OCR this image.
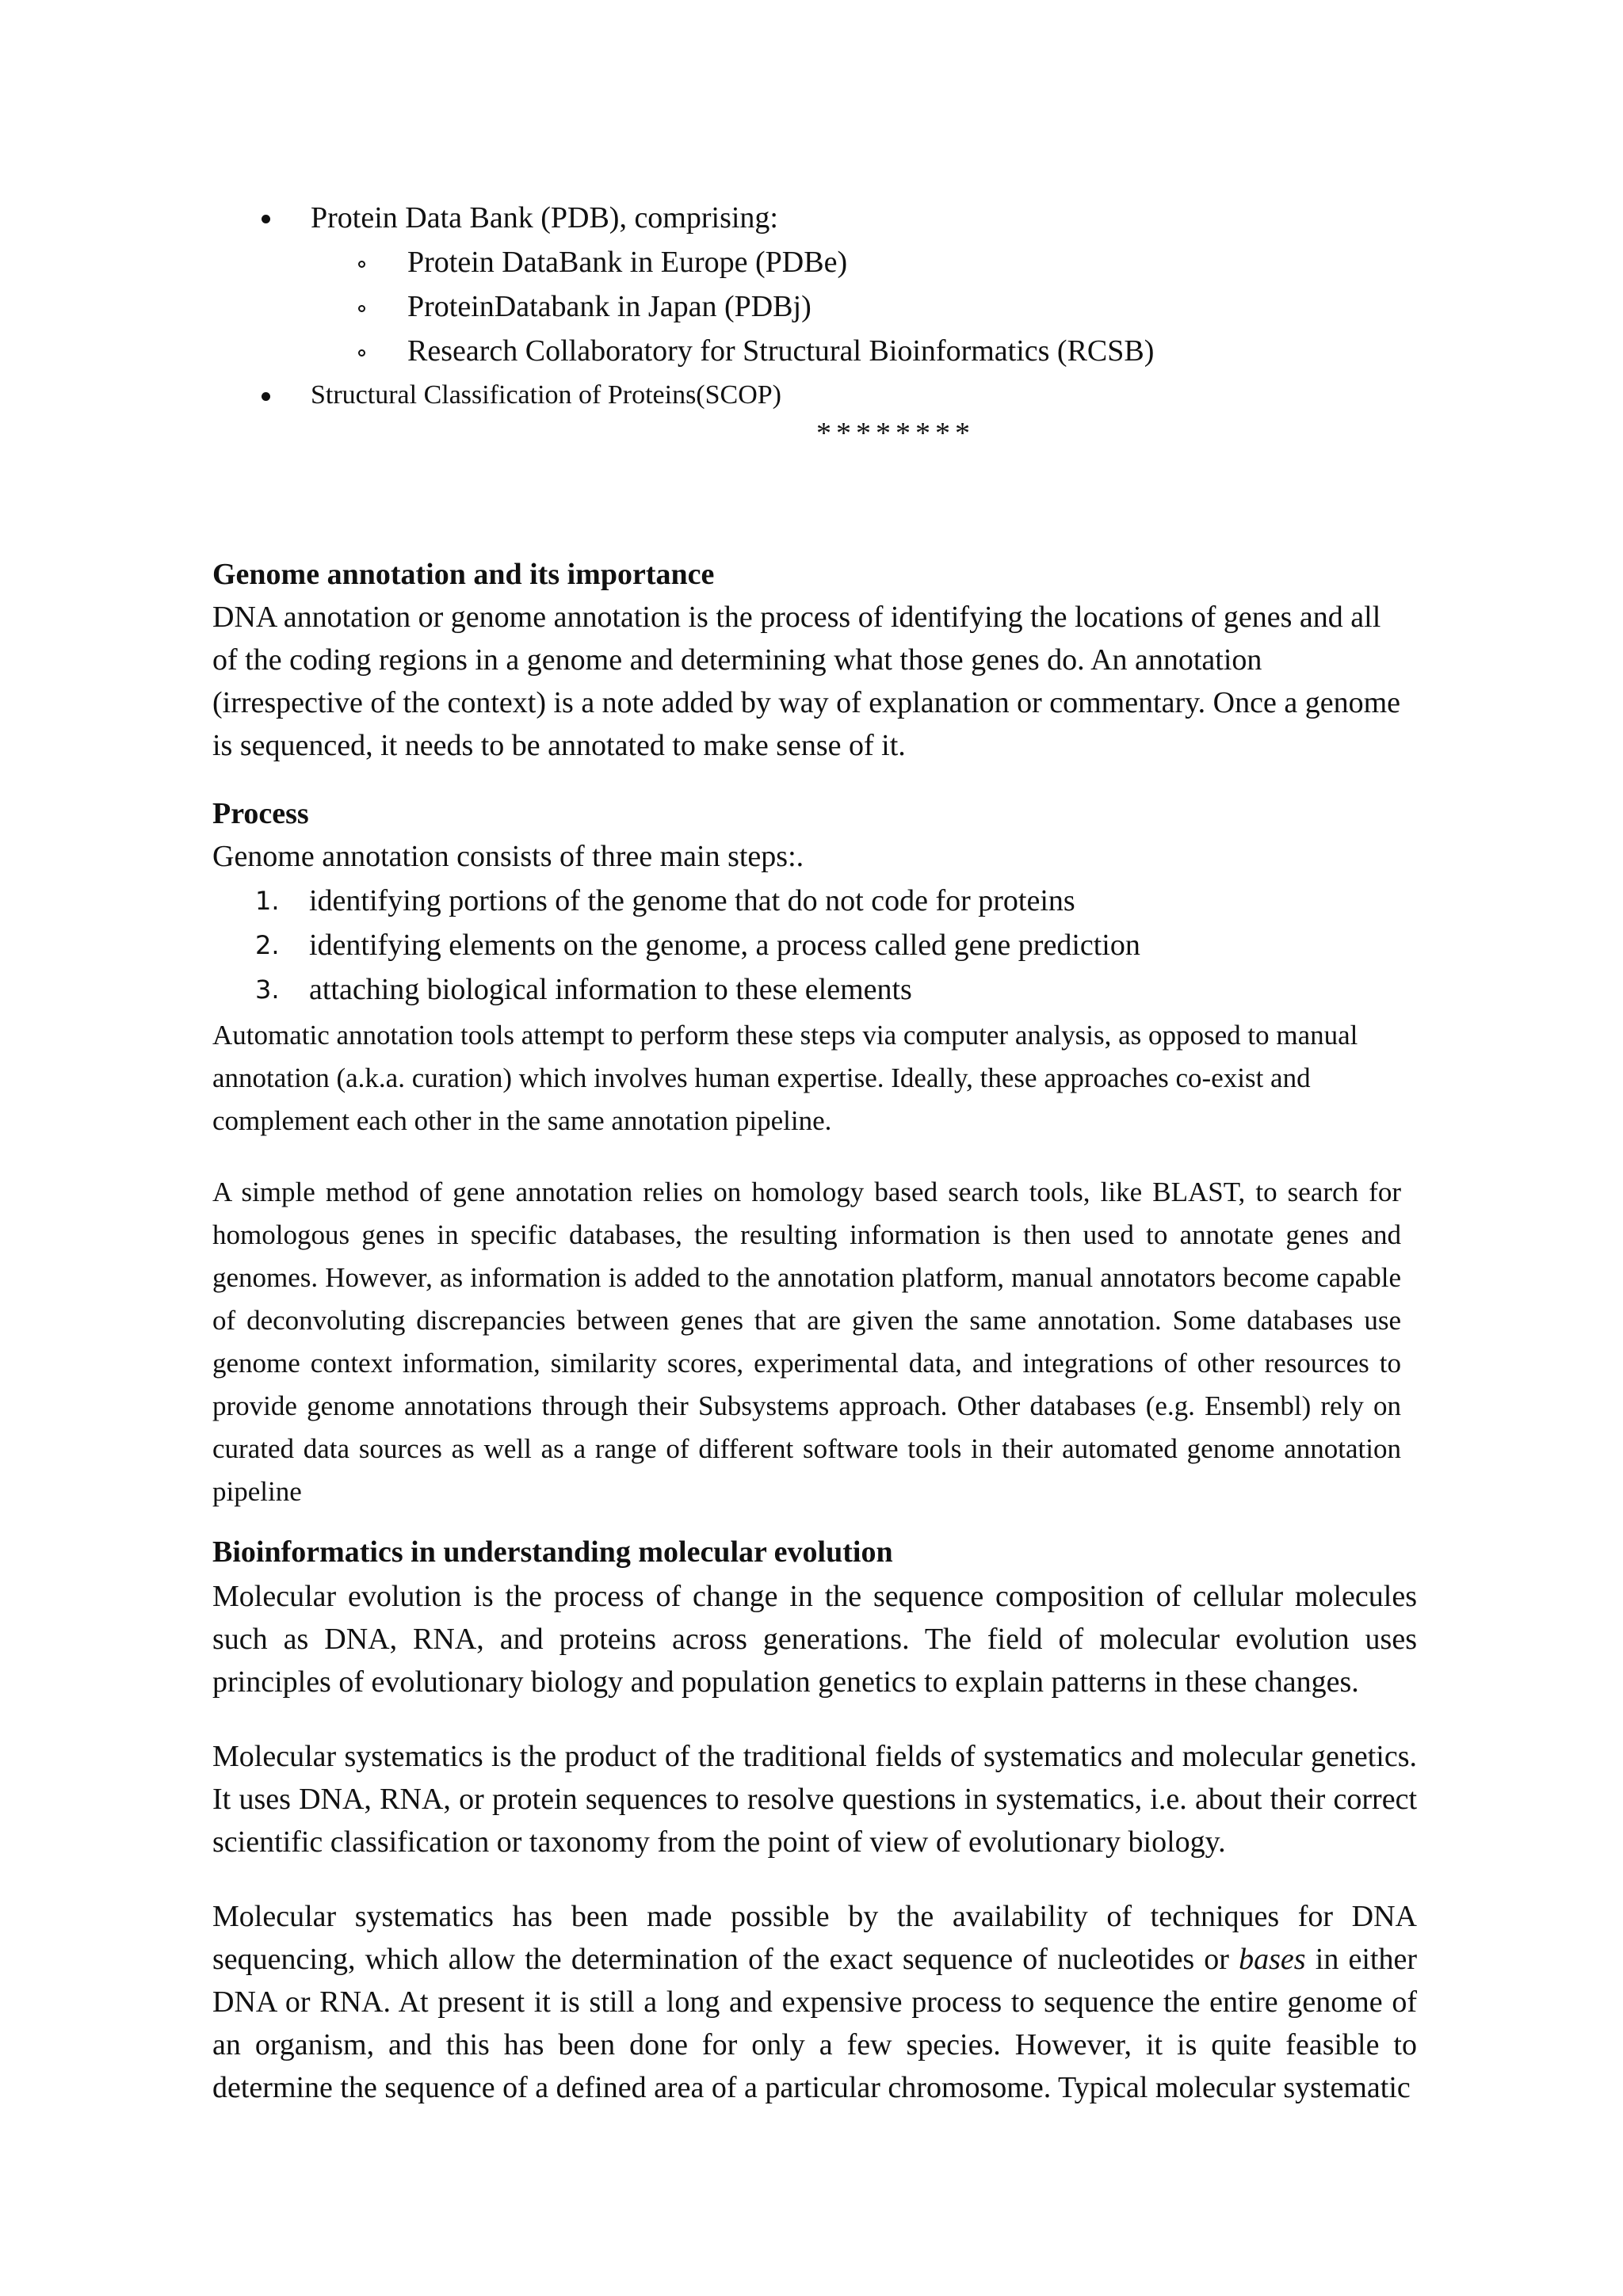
Protein Data Bank (PDB), comprising:
Protein DataBank in Europe (PDBe)
ProteinDatabank in Japan (PDBj)
Research Collaboratory for Structural Bioinformatics (RCSB)
Structural Classification of Proteins(SCOP)
********
Genome annotation and its importance

DNA annotation or genome annotation is the process of identifying the locations of genes and all of the coding regions in a genome and determining what those genes do. An annotation (irrespective of the context) is a note added by way of explanation or commentary. Once a genome is sequenced, it needs to be annotated to make sense of it.

Process

Genome annotation consists of three main steps:.

1. identifying portions of the genome that do not code for proteins
2. identifying elements on the genome, a process called gene prediction
3. attaching biological information to these elements

Automatic annotation tools attempt to perform these steps via computer analysis, as opposed to manual annotation (a.k.a. curation) which involves human expertise. Ideally, these approaches co-exist and complement each other in the same annotation pipeline.

A simple method of gene annotation relies on homology based search tools, like BLAST, to search for homologous genes in specific databases, the resulting information is then used to annotate genes and genomes. However, as information is added to the annotation platform, manual annotators become capable of deconvoluting discrepancies between genes that are given the same annotation. Some databases use genome context information, similarity scores, experimental data, and integrations of other resources to provide genome annotations through their Subsystems approach. Other databases (e.g. Ensembl) rely on curated data sources as well as a range of different software tools in their automated genome annotation pipeline

Bioinformatics in understanding molecular evolution

Molecular evolution is the process of change in the sequence composition of cellular molecules such as DNA, RNA, and proteins across generations. The field of molecular evolution uses principles of evolutionary biology and population genetics to explain patterns in these changes.

Molecular systematics is the product of the traditional fields of systematics and molecular genetics. It uses DNA, RNA, or protein sequences to resolve questions in systematics, i.e. about their correct scientific classification or taxonomy from the point of view of evolutionary biology.

Molecular systematics has been made possible by the availability of techniques for DNA sequencing, which allow the determination of the exact sequence of nucleotides or bases in either DNA or RNA. At present it is still a long and expensive process to sequence the entire genome of an organism, and this has been done for only a few species. However, it is quite feasible to determine the sequence of a defined area of a particular chromosome. Typical molecular systematic
